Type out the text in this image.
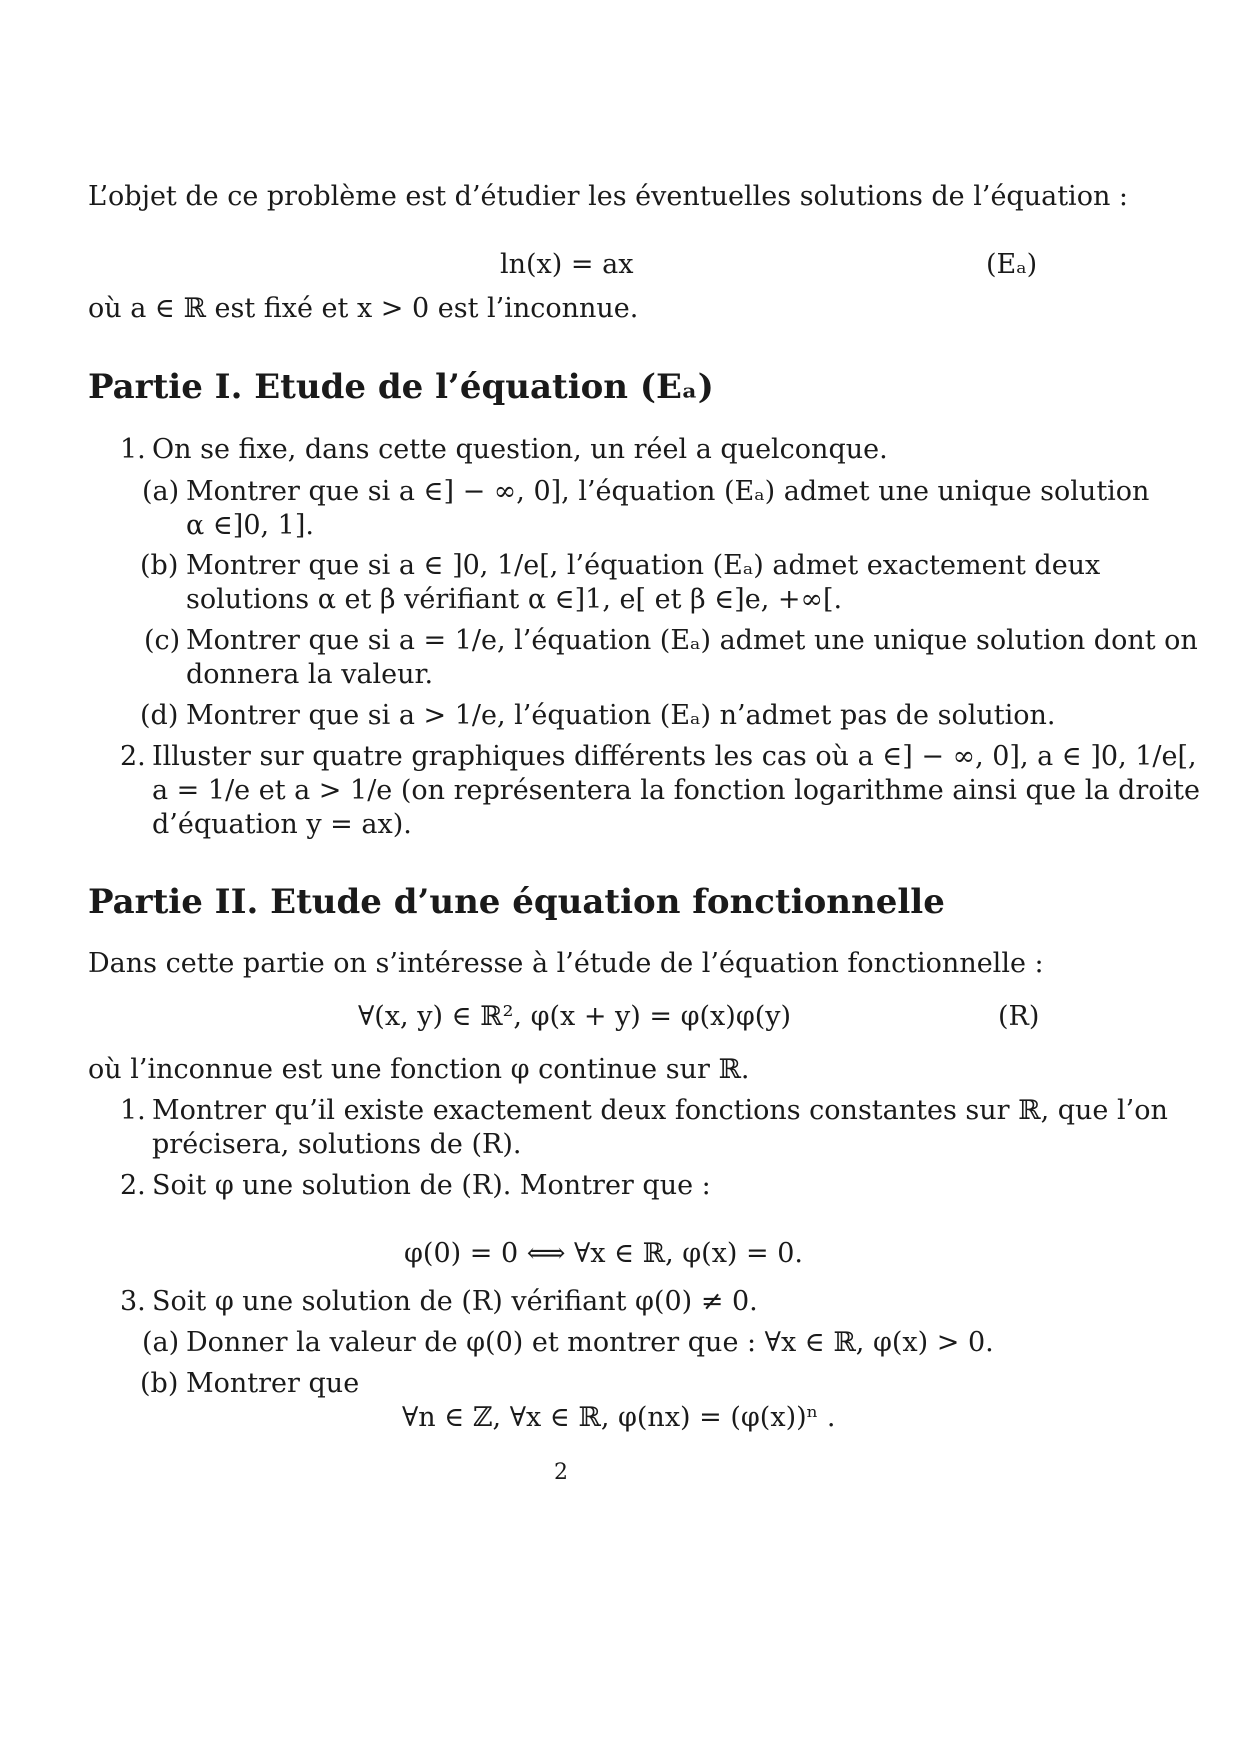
L’objet de ce problème est d’étudier les éventuelles solutions de l’équation :
ln(x) = ax	(Eₐ)
où a ∈ ℝ est fixé et x > 0 est l’inconnue.
Partie I. Etude de l’équation (Eₐ)
1. On se fixe, dans cette question, un réel a quelconque.
(a) Montrer que si a ∈] − ∞, 0], l’équation (Eₐ) admet une unique solution
α ∈]0, 1].
(b) Montrer que si a ∈ ]0, 1/e[, l’équation (Eₐ) admet exactement deux
solutions α et β vérifiant α ∈]1, e[ et β ∈]e, +∞[.
(c) Montrer que si a = 1/e, l’équation (Eₐ) admet une unique solution dont on
donnera la valeur.
(d) Montrer que si a > 1/e, l’équation (Eₐ) n’admet pas de solution.
2. Illuster sur quatre graphiques différents les cas où a ∈] − ∞, 0], a ∈ ]0, 1/e[,
a = 1/e et a > 1/e (on représentera la fonction logarithme ainsi que la droite
d’équation y = ax).
Partie II. Etude d’une équation fonctionnelle
Dans cette partie on s’intéresse à l’étude de l’équation fonctionnelle :
∀(x, y) ∈ ℝ², φ(x + y) = φ(x)φ(y)	(R)
où l’inconnue est une fonction φ continue sur ℝ.
1. Montrer qu’il existe exactement deux fonctions constantes sur ℝ, que l’on
précisera, solutions de (R).
2. Soit φ une solution de (R). Montrer que :
φ(0) = 0 ⟺ ∀x ∈ ℝ, φ(x) = 0.
3. Soit φ une solution de (R) vérifiant φ(0) ≠ 0.
(a) Donner la valeur de φ(0) et montrer que : ∀x ∈ ℝ, φ(x) > 0.
(b) Montrer que
∀n ∈ ℤ, ∀x ∈ ℝ, φ(nx) = (φ(x))ⁿ .
2
